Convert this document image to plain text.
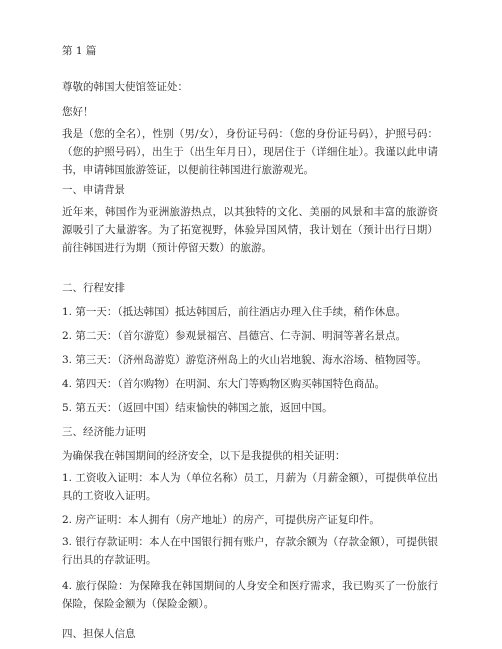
第 1 篇
尊敬的韩国大使馆签证处：
您好！
我是（您的全名），性别（男/女），身份证号码：（您的身份证号码），护照号码：（您的护照号码），出生于（出生年月日），现居住于（详细住址）。我谨以此申请书，申请韩国旅游签证，以便前往韩国进行旅游观光。
一、申请背景
近年来，韩国作为亚洲旅游热点，以其独特的文化、美丽的风景和丰富的旅游资源吸引了大量游客。为了拓宽视野，体验异国风情，我计划在（预计出行日期）前往韩国进行为期（预计停留天数）的旅游。
二、行程安排
1. 第一天：（抵达韩国）抵达韩国后，前往酒店办理入住手续，稍作休息。
2. 第二天：（首尔游览）参观景福宫、昌德宫、仁寺洞、明洞等著名景点。
3. 第三天：（济州岛游览）游览济州岛上的火山岩地貌、海水浴场、植物园等。
4. 第四天：（首尔购物）在明洞、东大门等购物区购买韩国特色商品。
5. 第五天：（返回中国）结束愉快的韩国之旅，返回中国。
三、经济能力证明
为确保我在韩国期间的经济安全，以下是我提供的相关证明：
1. 工资收入证明：本人为（单位名称）员工，月薪为（月薪金额），可提供单位出具的工资收入证明。
2. 房产证明：本人拥有（房产地址）的房产，可提供房产证复印件。
3. 银行存款证明：本人在中国银行拥有账户，存款余额为（存款金额），可提供银行出具的存款证明。
4. 旅行保险：为保障我在韩国期间的人身安全和医疗需求，我已购买了一份旅行保险，保险金额为（保险金额）。
四、担保人信息
